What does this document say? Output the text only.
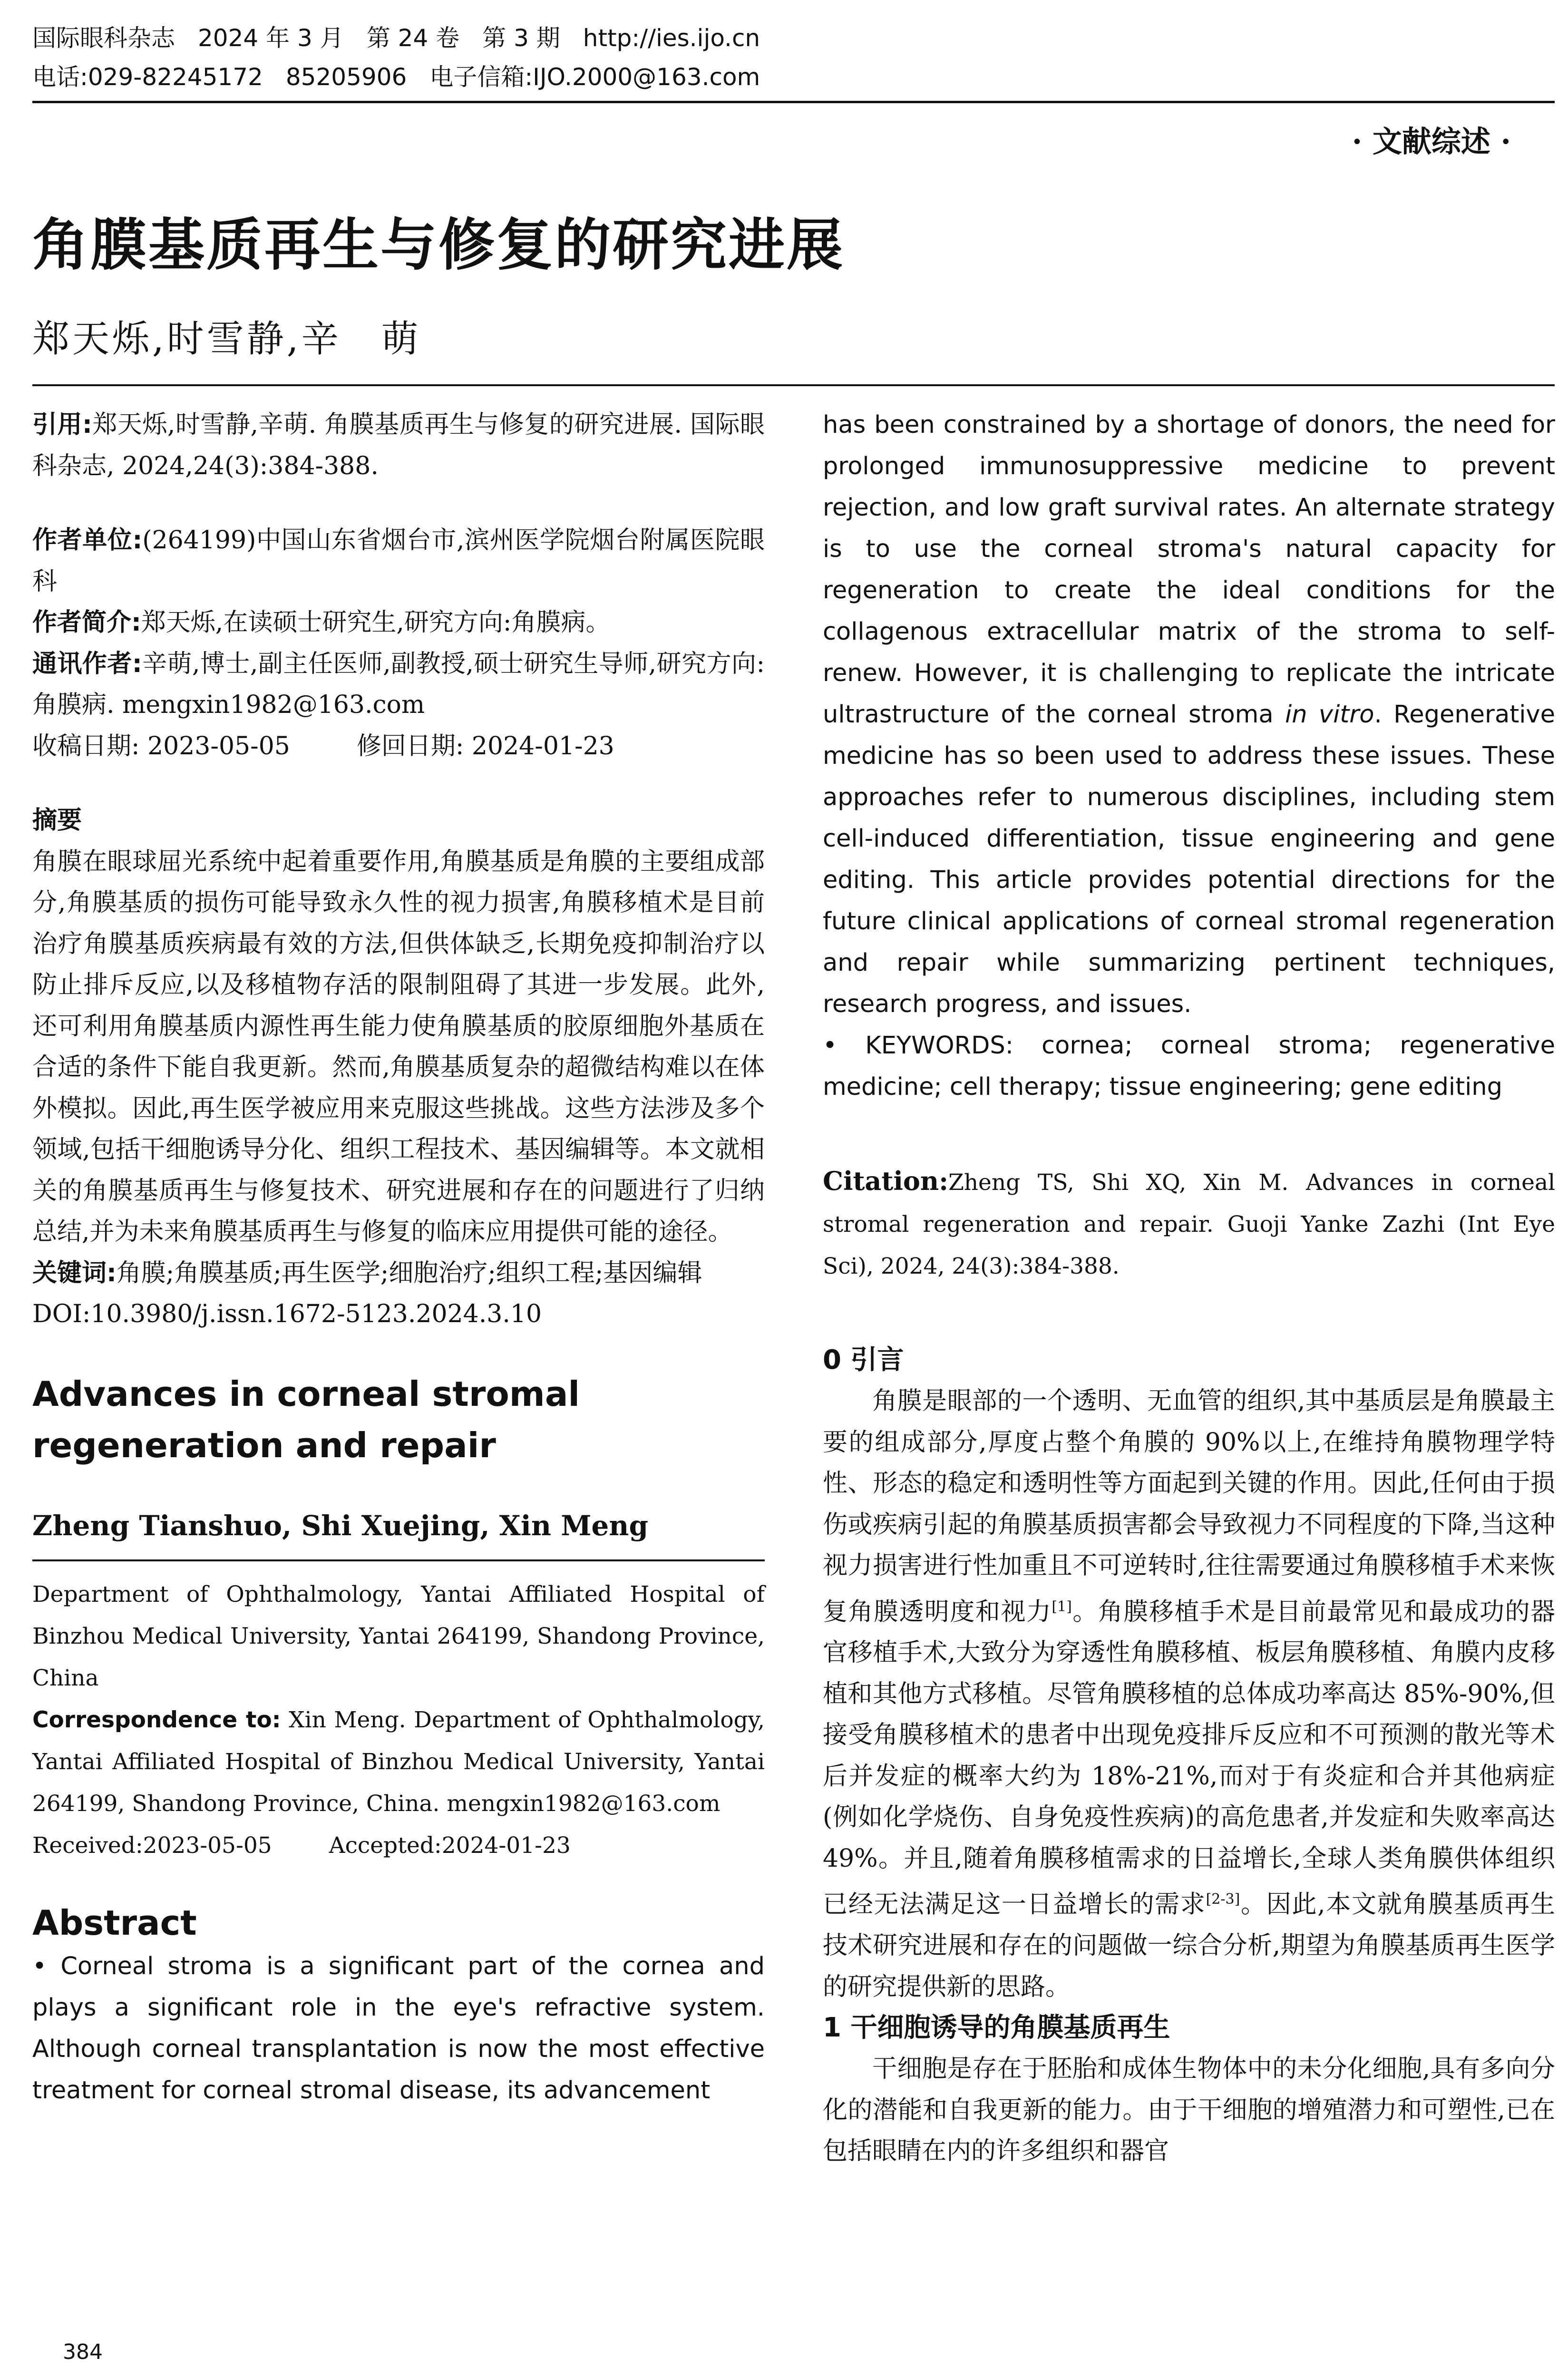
国际眼科杂志 2024 年 3 月 第 24 卷 第 3 期 http://ies.ijo.cn
电话:029-82245172 85205906 电子信箱:IJO.2000@163.com
· 文献综述 ·
角膜基质再生与修复的研究进展
郑天烁,时雪静,辛　萌

引用:郑天烁,时雪静,辛萌. 角膜基质再生与修复的研究进展. 国际眼科杂志, 2024,24(3):384-388.

作者单位:(264199)中国山东省烟台市,滨州医学院烟台附属医院眼科

作者简介:郑天烁,在读硕士研究生,研究方向:角膜病。

通讯作者:辛萌,博士,副主任医师,副教授,硕士研究生导师,研究方向:角膜病. mengxin1982@163.com

收稿日期: 2023-05-05	修回日期: 2024-01-23

摘要

角膜在眼球屈光系统中起着重要作用,角膜基质是角膜的主要组成部分,角膜基质的损伤可能导致永久性的视力损害,角膜移植术是目前治疗角膜基质疾病最有效的方法,但供体缺乏,长期免疫抑制治疗以防止排斥反应,以及移植物存活的限制阻碍了其进一步发展。此外,还可利用角膜基质内源性再生能力使角膜基质的胶原细胞外基质在合适的条件下能自我更新。然而,角膜基质复杂的超微结构难以在体外模拟。因此,再生医学被应用来克服这些挑战。这些方法涉及多个领域,包括干细胞诱导分化、组织工程技术、基因编辑等。本文就相关的角膜基质再生与修复技术、研究进展和存在的问题进行了归纳总结,并为未来角膜基质再生与修复的临床应用提供可能的途径。

关键词:角膜;角膜基质;再生医学;细胞治疗;组织工程;基因编辑

DOI:10.3980/j.issn.1672-5123.2024.3.10

Advances in corneal stromal regeneration and repair

Zheng Tianshuo, Shi Xuejing, Xin Meng

Department of Ophthalmology, Yantai Affiliated Hospital of Binzhou Medical University, Yantai 264199, Shandong Province, China

Correspondence to: Xin Meng. Department of Ophthalmology, Yantai Affiliated Hospital of Binzhou Medical University, Yantai 264199, Shandong Province, China. mengxin1982@163.com

Received:2023-05-05	Accepted:2024-01-23

Abstract

• Corneal stroma is a significant part of the cornea and plays a significant role in the eye's refractive system. Although corneal transplantation is now the most effective treatment for corneal stromal disease, its advancement

has been constrained by a shortage of donors, the need for prolonged immunosuppressive medicine to prevent rejection, and low graft survival rates. An alternate strategy is to use the corneal stroma's natural capacity for regeneration to create the ideal conditions for the collagenous extracellular matrix of the stroma to self-renew. However, it is challenging to replicate the intricate ultrastructure of the corneal stroma in vitro. Regenerative medicine has so been used to address these issues. These approaches refer to numerous disciplines, including stem cell-induced differentiation, tissue engineering and gene editing. This article provides potential directions for the future clinical applications of corneal stromal regeneration and repair while summarizing pertinent techniques, research progress, and issues.

• KEYWORDS: cornea; corneal stroma; regenerative medicine; cell therapy; tissue engineering; gene editing

Citation:Zheng TS, Shi XQ, Xin M. Advances in corneal stromal regeneration and repair. Guoji Yanke Zazhi (Int Eye Sci), 2024, 24(3):384-388.

0 引言

角膜是眼部的一个透明、无血管的组织,其中基质层是角膜最主要的组成部分,厚度占整个角膜的 90%以上,在维持角膜物理学特性、形态的稳定和透明性等方面起到关键的作用。因此,任何由于损伤或疾病引起的角膜基质损害都会导致视力不同程度的下降,当这种视力损害进行性加重且不可逆转时,往往需要通过角膜移植手术来恢复角膜透明度和视力[1]。角膜移植手术是目前最常见和最成功的器官移植手术,大致分为穿透性角膜移植、板层角膜移植、角膜内皮移植和其他方式移植。尽管角膜移植的总体成功率高达 85%-90%,但接受角膜移植术的患者中出现免疫排斥反应和不可预测的散光等术后并发症的概率大约为 18%-21%,而对于有炎症和合并其他病症(例如化学烧伤、自身免疫性疾病)的高危患者,并发症和失败率高达 49%。并且,随着角膜移植需求的日益增长,全球人类角膜供体组织已经无法满足这一日益增长的需求[2-3]。因此,本文就角膜基质再生技术研究进展和存在的问题做一综合分析,期望为角膜基质再生医学的研究提供新的思路。

1 干细胞诱导的角膜基质再生

干细胞是存在于胚胎和成体生物体中的未分化细胞,具有多向分化的潜能和自我更新的能力。由于干细胞的增殖潜力和可塑性,已在包括眼睛在内的许多组织和器官

384
